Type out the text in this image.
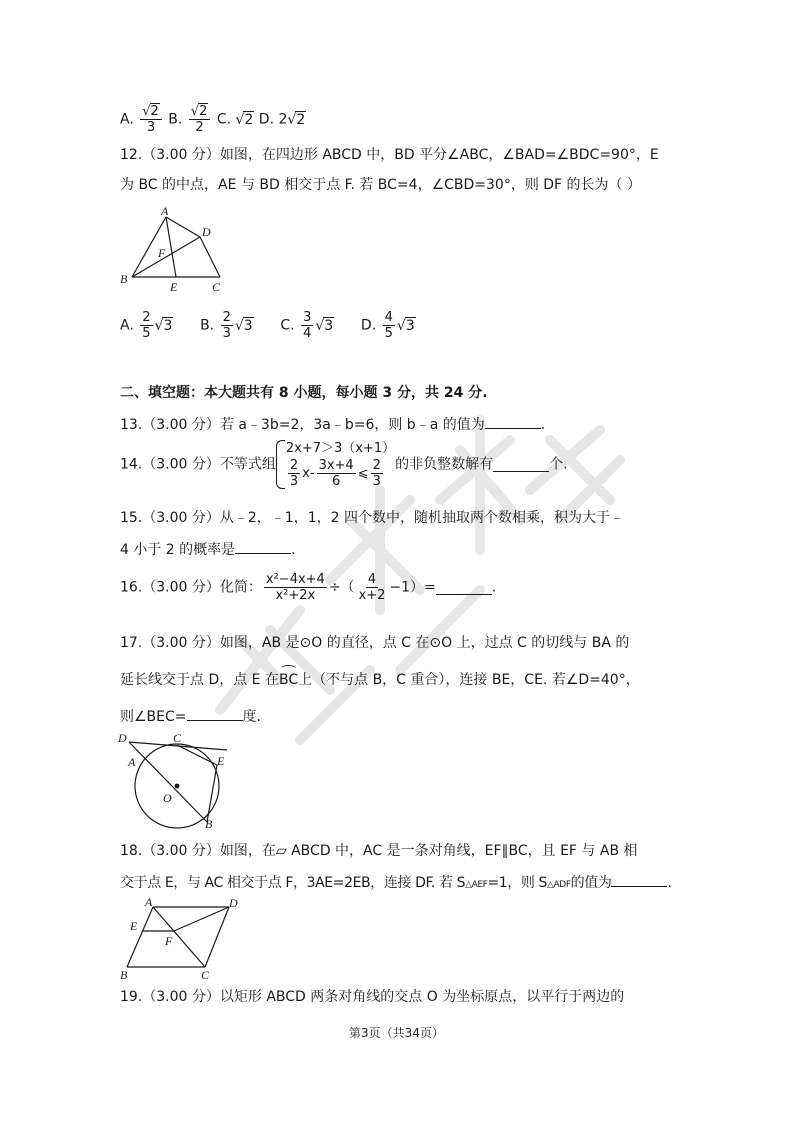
A. $\frac{√2}{3} B$. $\frac{√2}{2} C$. √2 D. 2√2
12.（3.00 分）如图，在四边形 ABCD 中，BD 平分∠ABC，∠BAD=∠BDC=90°，E
为 BC 的中点，AE 与 BD 相交于点 F. 若 BC=4，∠CBD=30°，则 DF 的长为（ ）
A
D
F
B
E	C
A. $\frac{2}{5} √3$ B. $\frac{2}{3} √3$ C. $\frac{3}{4} √3$ D. $\frac{4}{5} √3$
二、填空题：本大题共有 8 小题，每小题 3 分，共 24 分.
13.（3.00 分）若 a﹣3b=2，3a﹣b=6，则 b﹣a 的值为	.
14.（3.00 分）不等式组
2x+7＞3（x+1）
$\frac{2}{3} x- \frac{3x+4}{6}$ ⩽ $\frac{2}{3}$ 的非负整数解有	个.
15.（3.00 分）从﹣2，﹣1，1，2 四个数中，随机抽取两个数相乘，积为大于﹣
4 小于 2 的概率是	.
16.（3.00 分）化简： $\frac{\text{x²−4x+4}}{\text{x²+2x}}$ ÷（ $\frac{4}{x+2} -1)=$	.
17.（3.00 分）如图，AB 是⊙O 的直径，点 C 在⊙O 上，过点 C 的切线与 BA 的
延长线交于点 D，点 E 在BC上（不与点 B，C 重合），连接 BE，CE. 若∠D=40°，
则∠BEC=	度.
D	C
A	E
O
B
18.（3.00 分）如图，在▱ ABCD 中，AC 是一条对角线，EF∥BC，且 EF 与 AB 相
交于点 E，与 AC 相交于点 F，3AE=2EB，连接 DF. 若 S△AEF=1，则 S△ADF的值为	.
A	D
E
F
B	C
19.（3.00 分）以矩形 ABCD 两条对角线的交点 O 为坐标原点，以平行于两边的
第3页（共34页）
